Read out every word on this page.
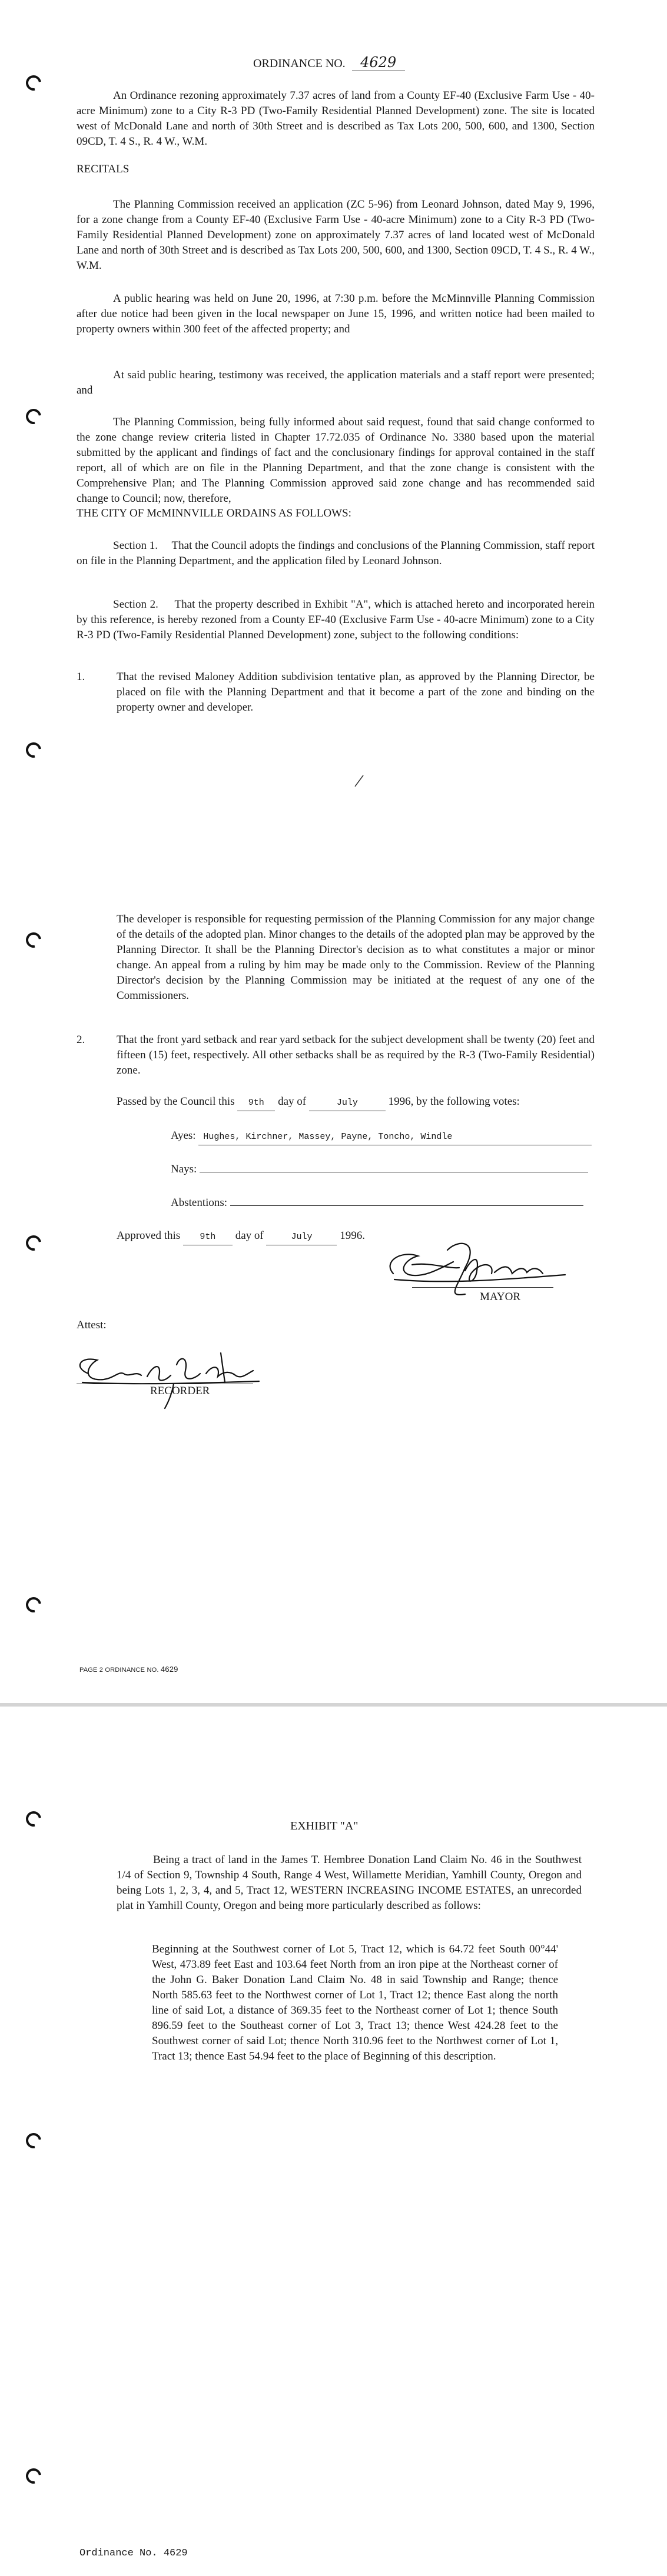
ORDINANCE NO. 4629

An Ordinance rezoning approximately 7.37 acres of land from a County EF-40 (Exclusive Farm Use - 40-acre Minimum) zone to a City R-3 PD (Two-Family Residential Planned Development) zone. The site is located west of McDonald Lane and north of 30th Street and is described as Tax Lots 200, 500, 600, and 1300, Section 09CD, T. 4 S., R. 4 W., W.M.

RECITALS

The Planning Commission received an application (ZC 5-96) from Leonard Johnson, dated May 9, 1996, for a zone change from a County EF-40 (Exclusive Farm Use - 40-acre Minimum) zone to a City R-3 PD (Two-Family Residential Planned Development) zone on approximately 7.37 acres of land located west of McDonald Lane and north of 30th Street and is described as Tax Lots 200, 500, 600, and 1300, Section 09CD, T. 4 S., R. 4 W., W.M.

A public hearing was held on June 20, 1996, at 7:30 p.m. before the McMinnville Planning Commission after due notice had been given in the local newspaper on June 15, 1996, and written notice had been mailed to property owners within 300 feet of the affected property; and

At said public hearing, testimony was received, the application materials and a staff report were presented; and

The Planning Commission, being fully informed about said request, found that said change conformed to the zone change review criteria listed in Chapter 17.72.035 of Ordinance No. 3380 based upon the material submitted by the applicant and findings of fact and the conclusionary findings for approval contained in the staff report, all of which are on file in the Planning Department, and that the zone change is consistent with the Comprehensive Plan; and The Planning Commission approved said zone change and has recommended said change to Council; now, therefore,

THE CITY OF McMINNVILLE ORDAINS AS FOLLOWS:

Section 1.     That the Council adopts the findings and conclusions of the Planning Commission, staff report on file in the Planning Department, and the application filed by Leonard Johnson.

Section 2.     That the property described in Exhibit "A", which is attached hereto and incorporated herein by this reference, is hereby rezoned from a County EF-40 (Exclusive Farm Use - 40-acre Minimum) zone to a City R-3 PD (Two-Family Residential Planned Development) zone, subject to the following conditions:

1.	That the revised Maloney Addition subdivision tentative plan, as approved by the Planning Director, be placed on file with the Planning Department and that it become a part of the zone and binding on the property owner and developer.

The developer is responsible for requesting permission of the Planning Commission for any major change of the details of the adopted plan. Minor changes to the details of the adopted plan may be approved by the Planning Director. It shall be the Planning Director's decision as to what constitutes a major or minor change. An appeal from a ruling by him may be made only to the Commission. Review of the Planning Director's decision by the Planning Commission may be initiated at the request of any one of the Commissioners.

2.	That the front yard setback and rear yard setback for the subject development shall be twenty (20) feet and fifteen (15) feet, respectively. All other setbacks shall be as required by the R-3 (Two-Family Residential) zone.

Passed by the Council this 9th day of	July	1996, by the following votes:
Ayes: Hughes, Kirchner, Massey, Payne, Toncho, Windle
Nays:
Abstentions:
Approved this 9th day of	July 1996.
MAYOR
Attest:
RECORDER
PAGE 2 ORDINANCE NO. 4629

EXHIBIT "A"

Being a tract of land in the James T. Hembree Donation Land Claim No. 46 in the Southwest 1/4 of Section 9, Township 4 South, Range 4 West, Willamette Meridian, Yamhill County, Oregon and being Lots 1, 2, 3, 4, and 5, Tract 12, WESTERN INCREASING INCOME ESTATES, an unrecorded plat in Yamhill County, Oregon and being more particularly described as follows:

Beginning at the Southwest corner of Lot 5, Tract 12, which is 64.72 feet South 00°44' West, 473.89 feet East and 103.64 feet North from an iron pipe at the Northeast corner of the John G. Baker Donation Land Claim No. 48 in said Township and Range; thence North 585.63 feet to the Northwest corner of Lot 1, Tract 12; thence East along the north line of said Lot, a distance of 369.35 feet to the Northeast corner of Lot 1; thence South 896.59 feet to the Southeast corner of Lot 3, Tract 13; thence West 424.28 feet to the Southwest corner of said Lot; thence North 310.96 feet to the Northwest corner of Lot 1, Tract 13; thence East 54.94 feet to the place of Beginning of this description.

Ordinance No. 4629
